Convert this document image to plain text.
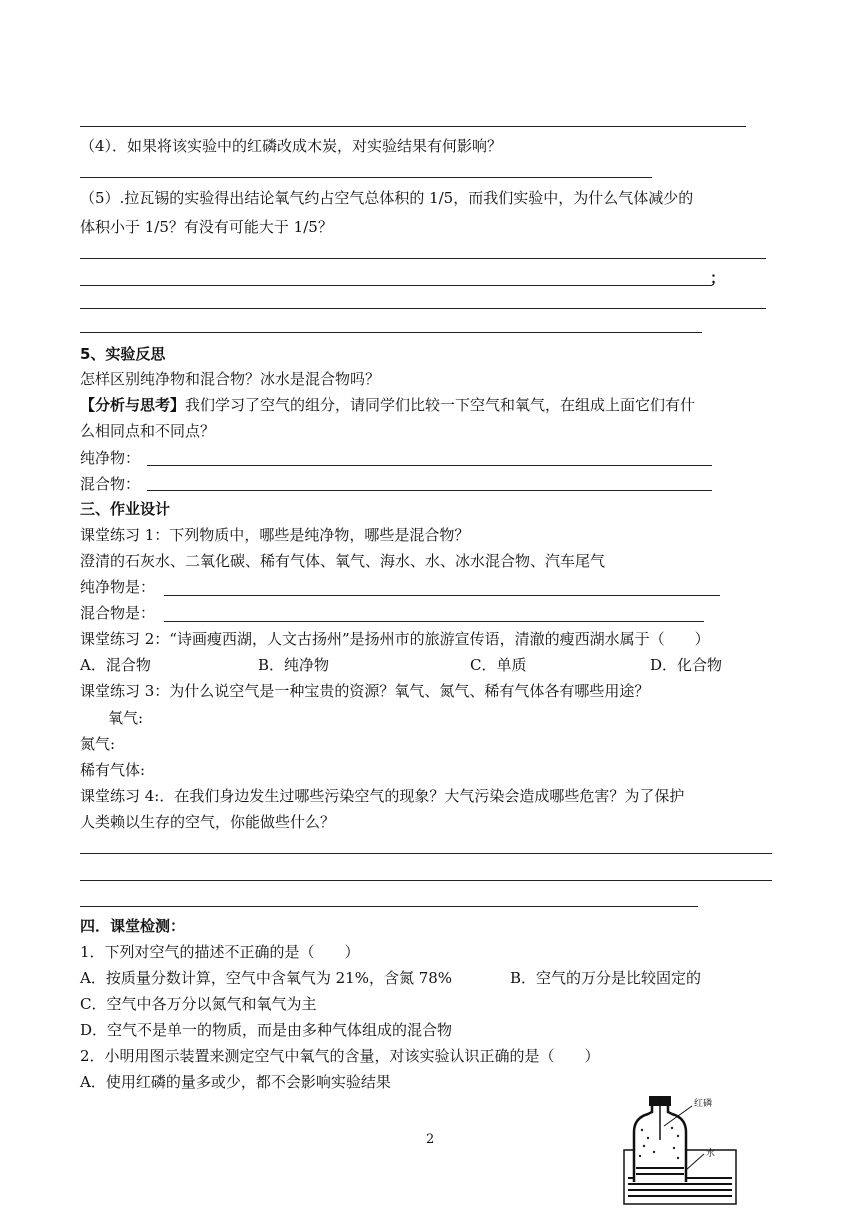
（4）．如果将该实验中的红磷改成木炭，对实验结果有何影响？
（5）.拉瓦锡的实验得出结论氧气约占空气总体积的 1/5，而我们实验中，为什么气体减少的
体积小于 1/5？有没有可能大于 1/5？
；
5、实验反思
怎样区别纯净物和混合物？冰水是混合物吗？
【分析与思考】我们学习了空气的组分，请同学们比较一下空气和氧气，在组成上面它们有什
么相同点和不同点？
纯净物：
混合物：
三、作业设计
课堂练习 1：下列物质中，哪些是纯净物，哪些是混合物？
澄清的石灰水、二氧化碳、稀有气体、氧气、海水、水、冰水混合物、汽车尾气
纯净物是：
混合物是：
课堂练习 2：“诗画瘦西湖，人文古扬州”是扬州市的旅游宣传语，清澈的瘦西湖水属于（　　）
A．混合物	B．纯净物	C．单质	D．化合物
课堂练习 3：为什么说空气是一种宝贵的资源？氧气、氮气、稀有气体各有哪些用途？
氧气:
氮气:
稀有气体:
课堂练习 4:．在我们身边发生过哪些污染空气的现象？大气污染会造成哪些危害？为了保护
人类赖以生存的空气，你能做些什么？
四．课堂检测：
1．下列对空气的描述不正确的是（　　）
A．按质量分数计算，空气中含氧气为 21%，含氮 78%	B．空气的万分是比较固定的
C．空气中各万分以氮气和氧气为主
D．空气不是单一的物质，而是由多种气体组成的混合物
2．小明用图示装置来测定空气中氧气的含量，对该实验认识正确的是（　　）
A．使用红磷的量多或少，都不会影响实验结果
2
红磷
水
